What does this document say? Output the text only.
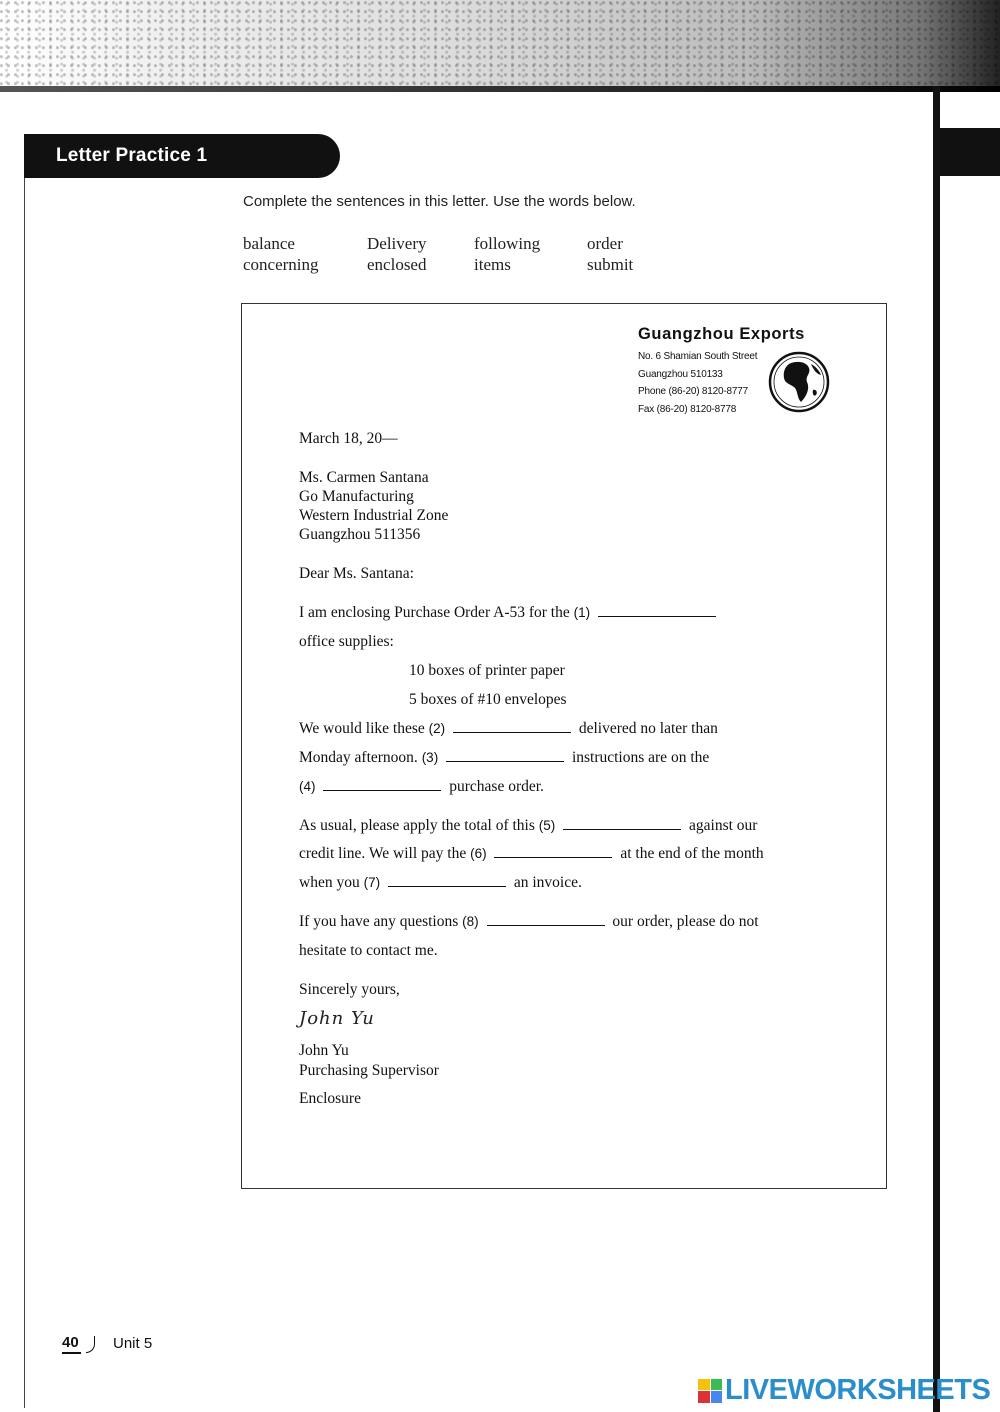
Letter Practice 1
Complete the sentences in this letter. Use the words below.
balance	Delivery	following	order
concerning	enclosed	items	submit
Guangzhou Exports
No. 6 Shamian South Street
Guangzhou 510133
Phone (86-20) 8120-8777
Fax (86-20) 8120-8778
March 18, 20—
Ms. Carmen Santana
Go Manufacturing
Western Industrial Zone
Guangzhou 511356
Dear Ms. Santana:
I am enclosing Purchase Order A-53 for the (1)
office supplies:
10 boxes of printer paper
5 boxes of #10 envelopes
We would like these (2)	delivered no later than
Monday afternoon. (3)	instructions are on the
(4)	purchase order.
As usual, please apply the total of this (5)	against our
credit line. We will pay the (6)	at the end of the month
when you (7)	an invoice.
If you have any questions (8)	our order, please do not
hesitate to contact me.
Sincerely yours,
John Yu
John Yu
Purchasing Supervisor
Enclosure
40 Unit 5
LIVEWORKSHEETS
